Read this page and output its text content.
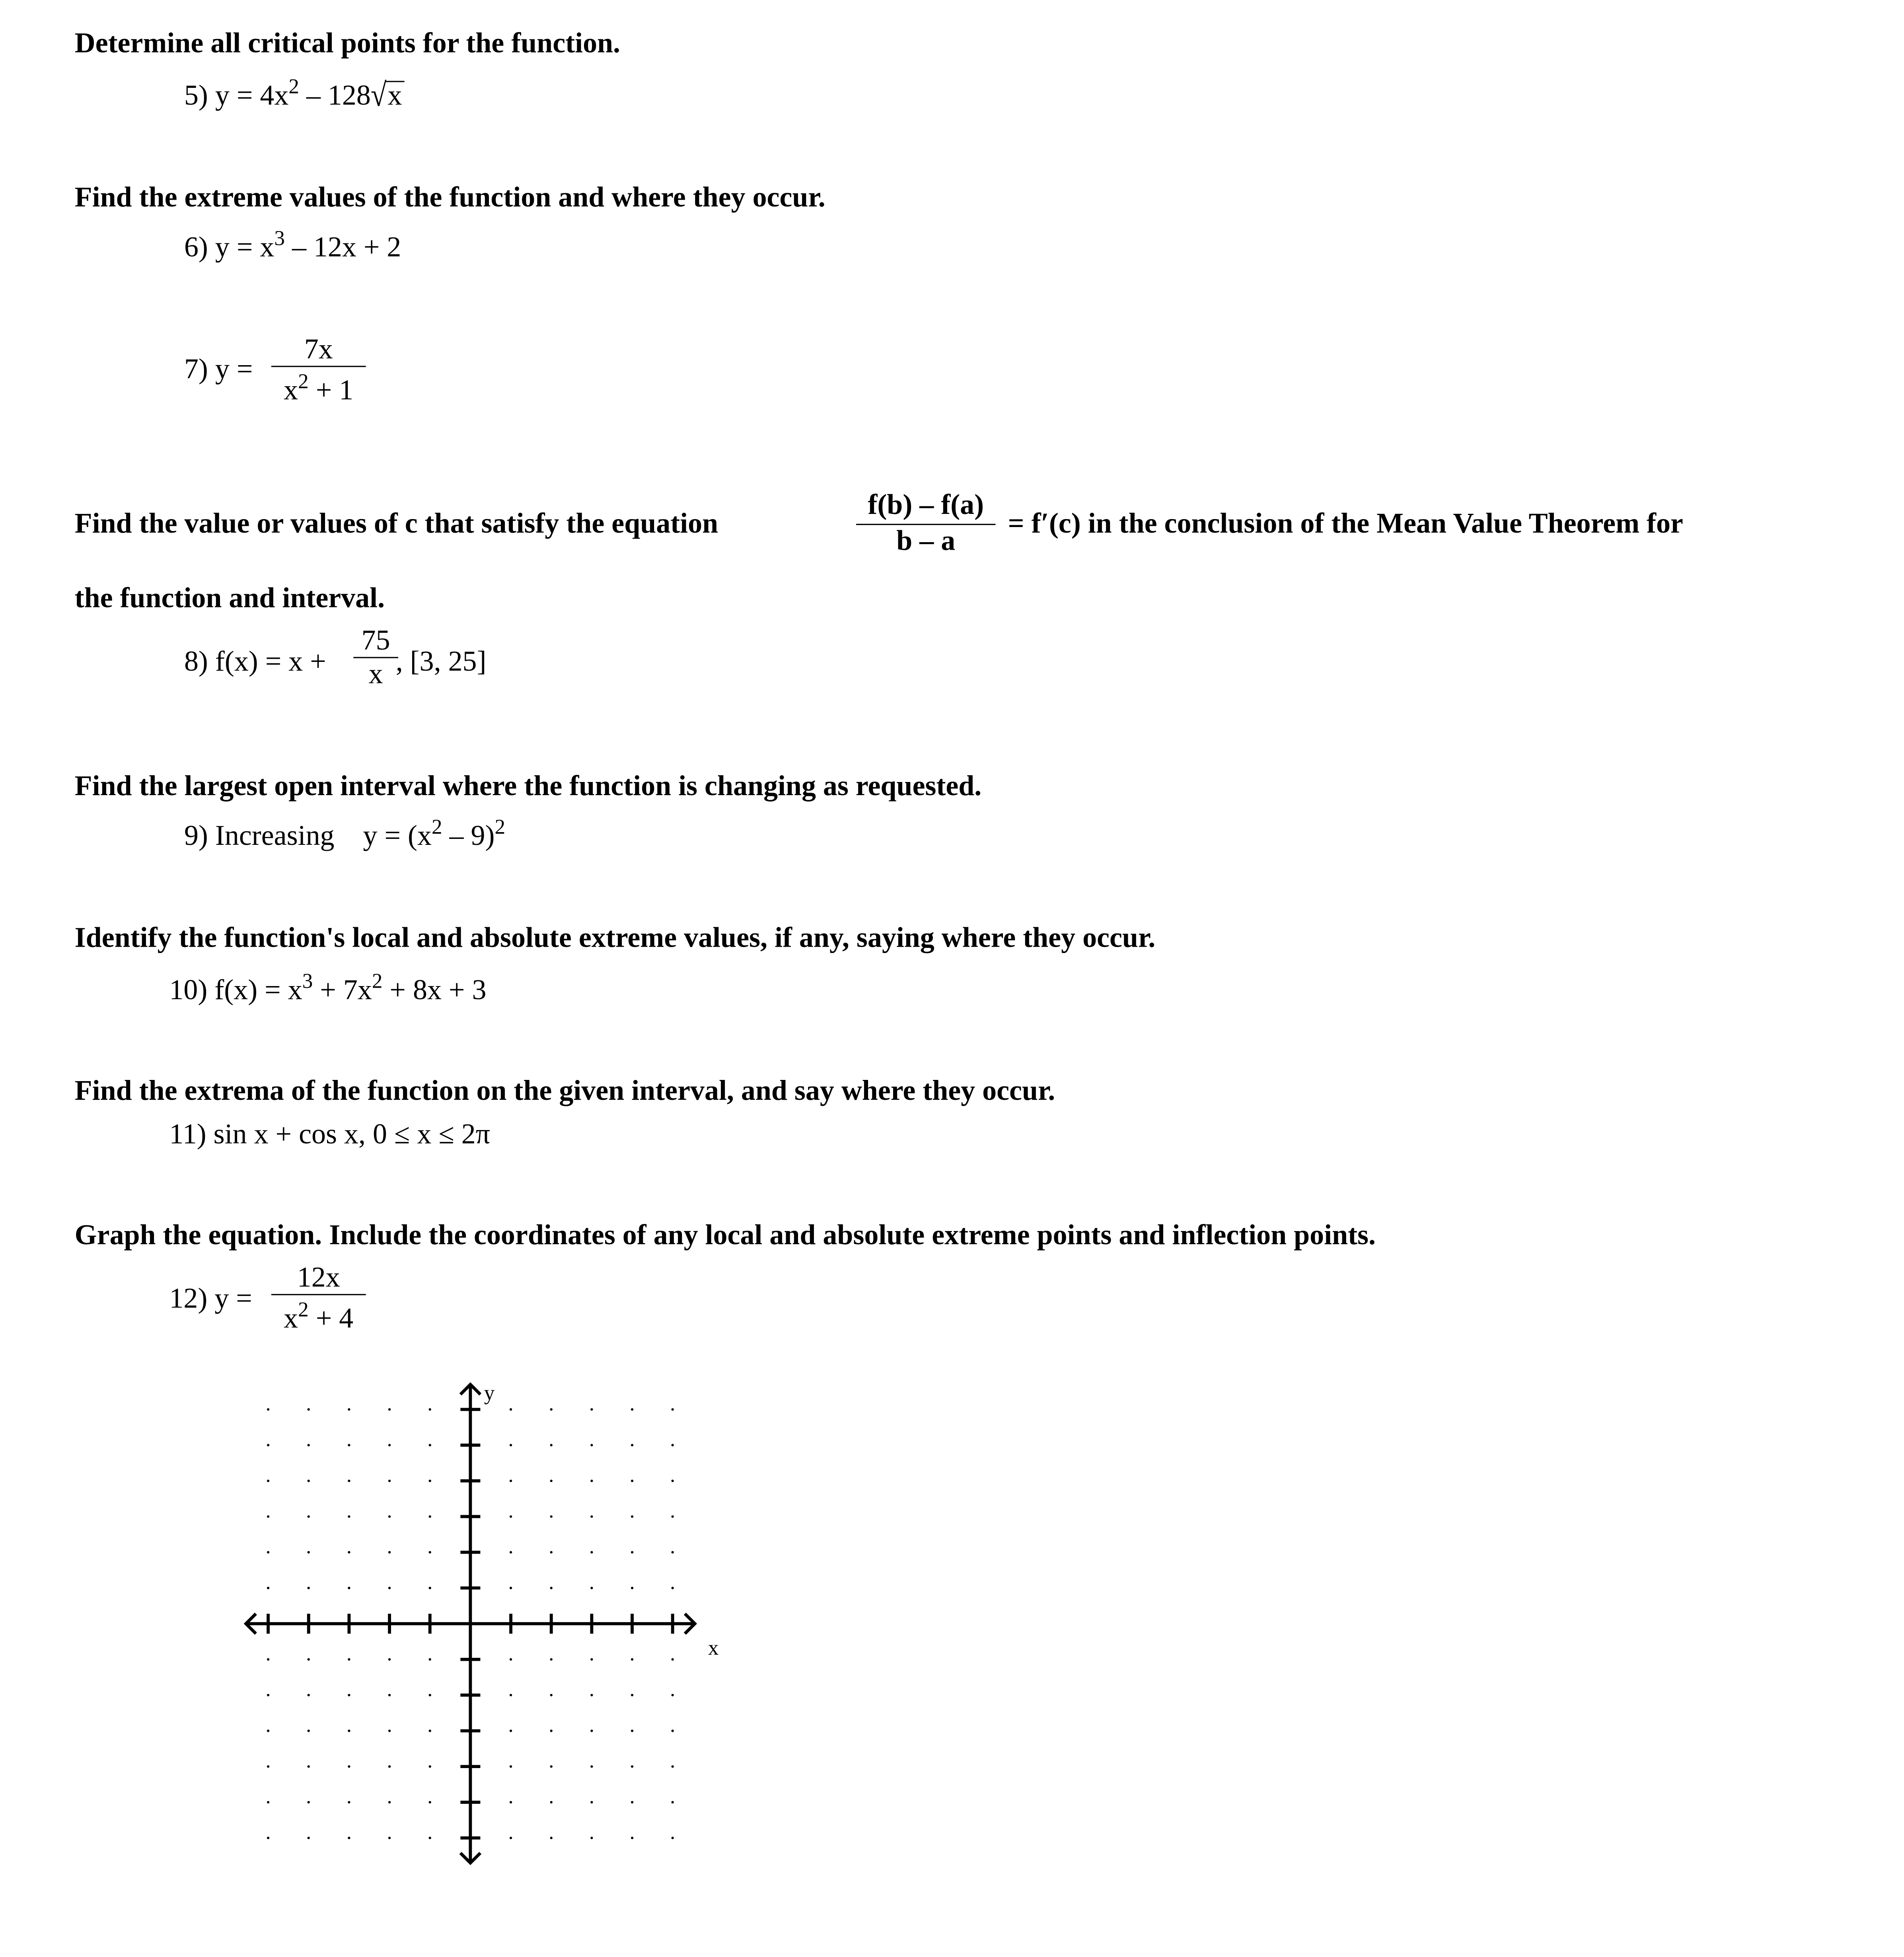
Determine all critical points for the function.
5) $y = 4x^2 - 128√$ x
Find the extreme values of the function and where they occur.
6) $y = x^3 - 12x + 2$
7) $y = \frac{7x}{x^2 + 1}$
Find the value or values of c that satisfy the equation	$\frac{f(b) - f(a)}{b - a} = f'(c)$ in the conclusion of the Mean Value Theorem for
the function and interval.
8) f(x) = x +	$\frac{75}{x}$
, [3, 25]
Find the largest open interval where the function is changing as requested.
9) Increasing	$y = (x^2 - 9)^2$
Identify the function's local and absolute extreme values, if any, saying where they occur.
10) $f(x) = x^3 + 7x^2 + 8x + 3$
Find the extrema of the function on the given interval, and say where they occur.
11) sin x + cos x, 0 ≤ x ≤ 2π
Graph the equation. Include the coordinates of any local and absolute extreme points and inflection points.
12) $y = \frac{12x}{x^2 + 4}$
y
x
